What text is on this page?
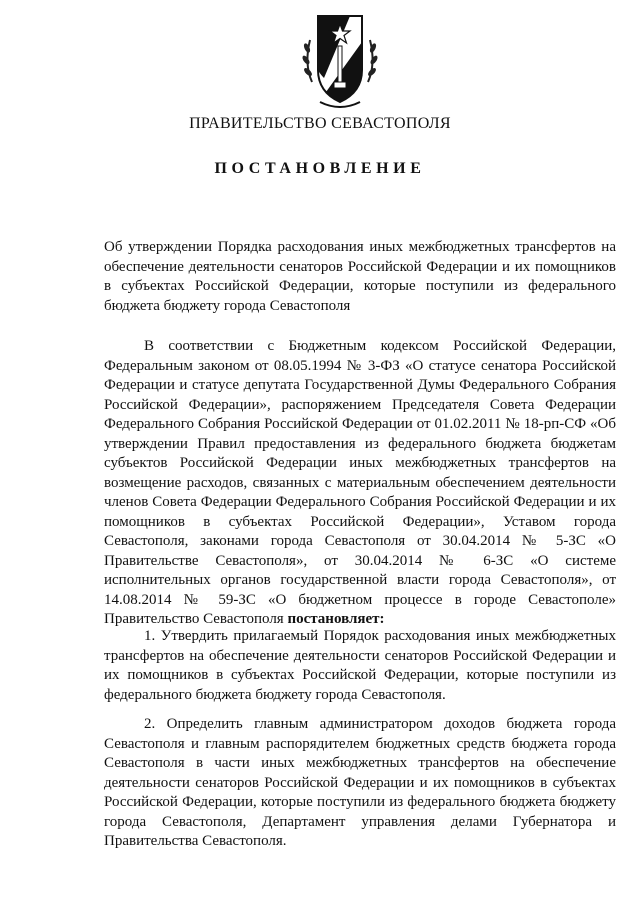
ПРАВИТЕЛЬСТВО СЕВАСТОПОЛЯ
ПОСТАНОВЛЕНИЕ
Об утверждении Порядка расходования иных межбюджетных трансфертов на обеспечение деятельности сенаторов Российской Федерации и их помощников в субъектах Российской Федерации, которые поступили из федерального бюджета бюджету города Севастополя
В соответствии с Бюджетным кодексом Российской Федерации, Федеральным законом от 08.05.1994 № 3-ФЗ «О статусе сенатора Российской Федерации и статусе депутата Государственной Думы Федерального Собрания Российской Федерации», распоряжением Председателя Совета Федерации Федерального Собрания Российской Федерации от 01.02.2011 № 18-рп-СФ «Об утверждении Правил предоставления из федерального бюджета бюджетам субъектов Российской Федерации иных межбюджетных трансфертов на возмещение расходов, связанных с материальным обеспечением деятельности членов Совета Федерации Федерального Собрания Российской Федерации и их помощников в субъектах Российской Федерации», Уставом города Севастополя, законами города Севастополя от 30.04.2014 № 5-ЗС «О Правительстве Севастополя», от 30.04.2014 № 6-ЗС «О системе исполнительных органов государственной власти города Севастополя», от 14.08.2014 № 59-ЗС «О бюджетном процессе в городе Севастополе» Правительство Севастополя постановляет:
1. Утвердить прилагаемый Порядок расходования иных межбюджетных трансфертов на обеспечение деятельности сенаторов Российской Федерации и их помощников в субъектах Российской Федерации, которые поступили из федерального бюджета бюджету города Севастополя.
2. Определить главным администратором доходов бюджета города Севастополя и главным распорядителем бюджетных средств бюджета города Севастополя в части иных межбюджетных трансфертов на обеспечение деятельности сенаторов Российской Федерации и их помощников в субъектах Российской Федерации, которые поступили из федерального бюджета бюджету города Севастополя, Департамент управления делами Губернатора и Правительства Севастополя.
